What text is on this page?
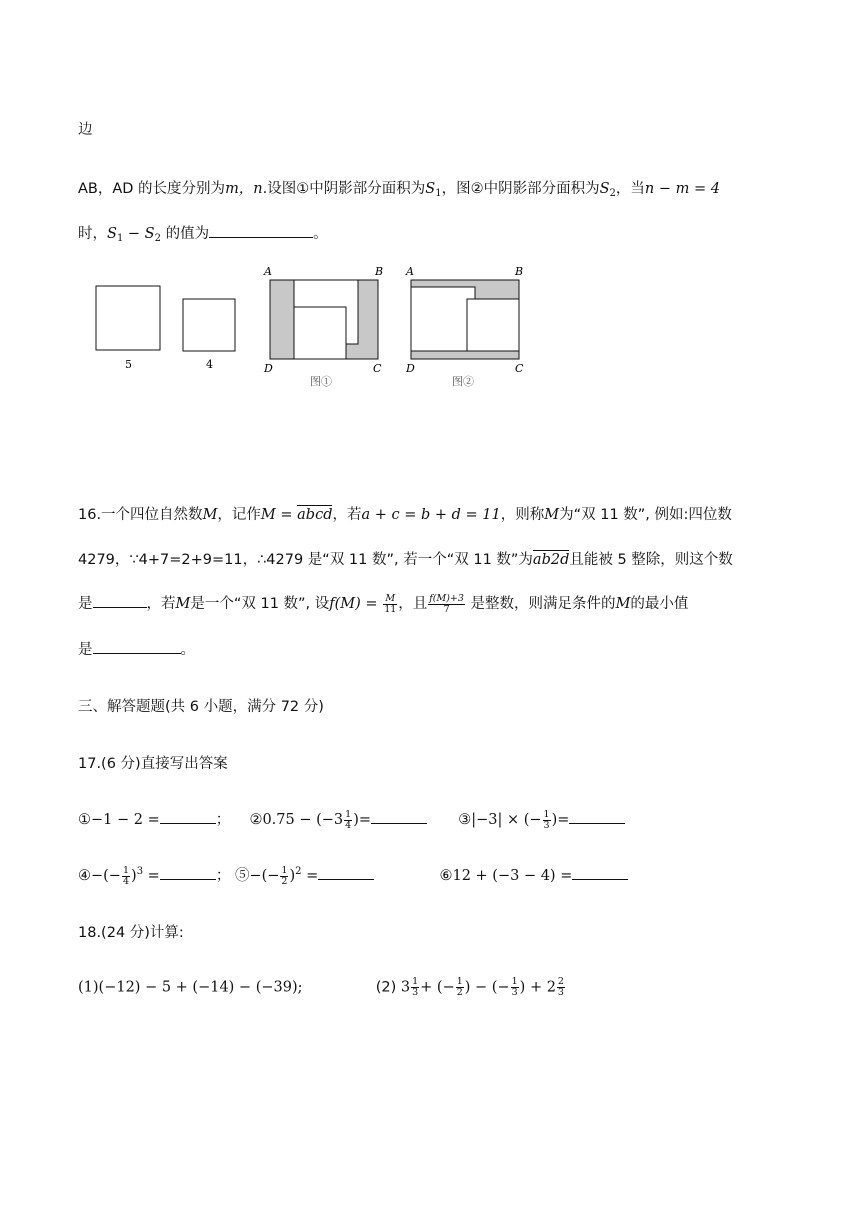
边
AB，AD 的长度分别为m，n.设图①中阴影部分面积为$S_1$，图②中阴影部分面积为$S_2$，当n − m = 4
时，$S_1 - S_2$ 的值为	。
5	4
A	B
D	C
图①
A	B
D	C
图②
16.一个四位自然数M，记作M = abcd，若a + c = b + d = 11，则称M为“双 11 数”, 例如:四位数
4279，∵4+7=2+9=11，∴4279 是“双 11 数”, 若一个“双 11 数”为ab2d且能被 5 整除，则这个数
是	，若M是一个“双 11 数”, 设$f(M) = \frac{M}{11}$ ，且 $\frac{f(M)+3}{7}$ 是整数，则满足条件的M的最小值
是	。
三、解答题题(共 6 小题，满分 72 分)
17.(6 分)直接写出答案
①−1 − 2 =	； ②0.75 − ($-3 \frac{1}{4}$ )=	③|−3| × (− $\frac{1}{3}$ )=
④−(− $\frac{1}{4} )^3$ =	； ⑤−(− $\frac{1}{2} )^2$ =	⑥12 + (−3 − 4) =
18.(24 分)计算:
(1)(−12) − 5 + (−14) − (−39);	(2) $3 \frac{1}{3}$ + (− $\frac{1}{2}$ ) − (− $\frac{1}{3}$ ) + $2 \frac{2}{3}$
